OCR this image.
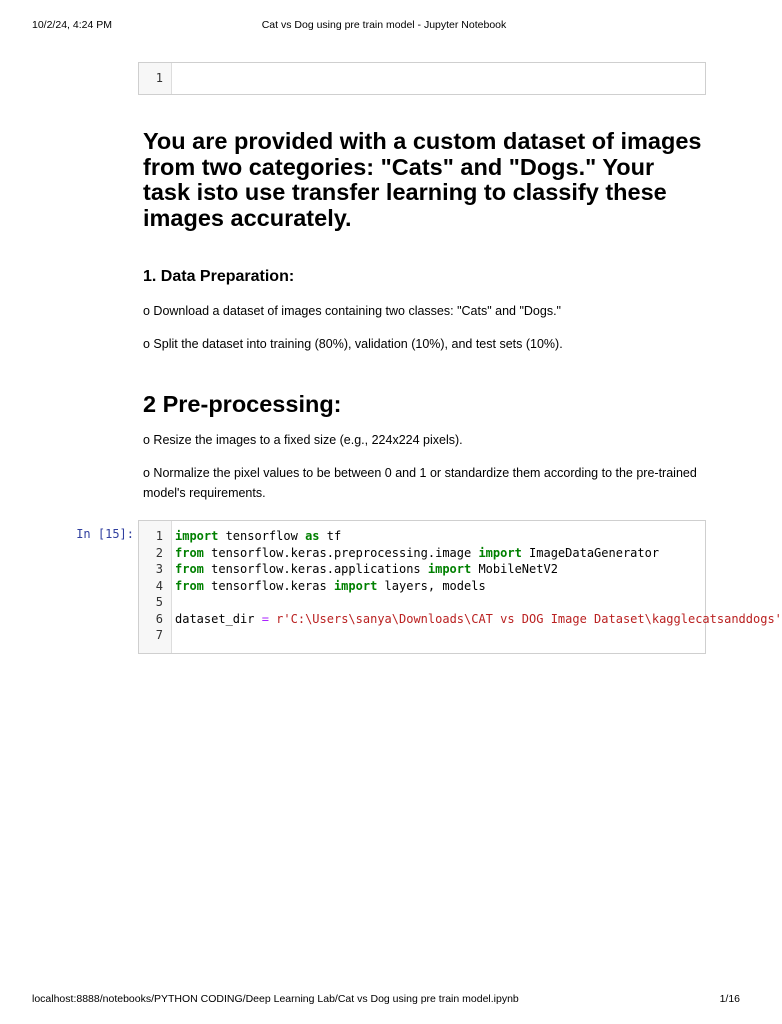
10/2/24, 4:24 PM	Cat vs Dog using pre train model - Jupyter Notebook
1
You are provided with a custom dataset of images from two categories: "Cats" and "Dogs." Your task isto use transfer learning to classify these images accurately.
1. Data Preparation:

o Download a dataset of images containing two classes: "Cats" and "Dogs."

o Split the dataset into training (80%), validation (10%), and test sets (10%).

2 Pre-processing:

o Resize the images to a fixed size (e.g., 224x224 pixels).

o Normalize the pixel values to be between 0 and 1 or standardize them according to the pre-trained model's requirements.

In [15]: 1
2
3
4
5
6
7
import tensorflow as tf
from tensorflow.keras.preprocessing.image import ImageDataGenerator
from tensorflow.keras.applications import MobileNetV2
from tensorflow.keras import layers, models
dataset_dir = r'C:\Users\sanya\Downloads\CAT vs DOG Image Dataset\kagglecatsanddogs'
localhost:8888/notebooks/PYTHON CODING/Deep Learning Lab/Cat vs Dog using pre train model.ipynb	1/16
